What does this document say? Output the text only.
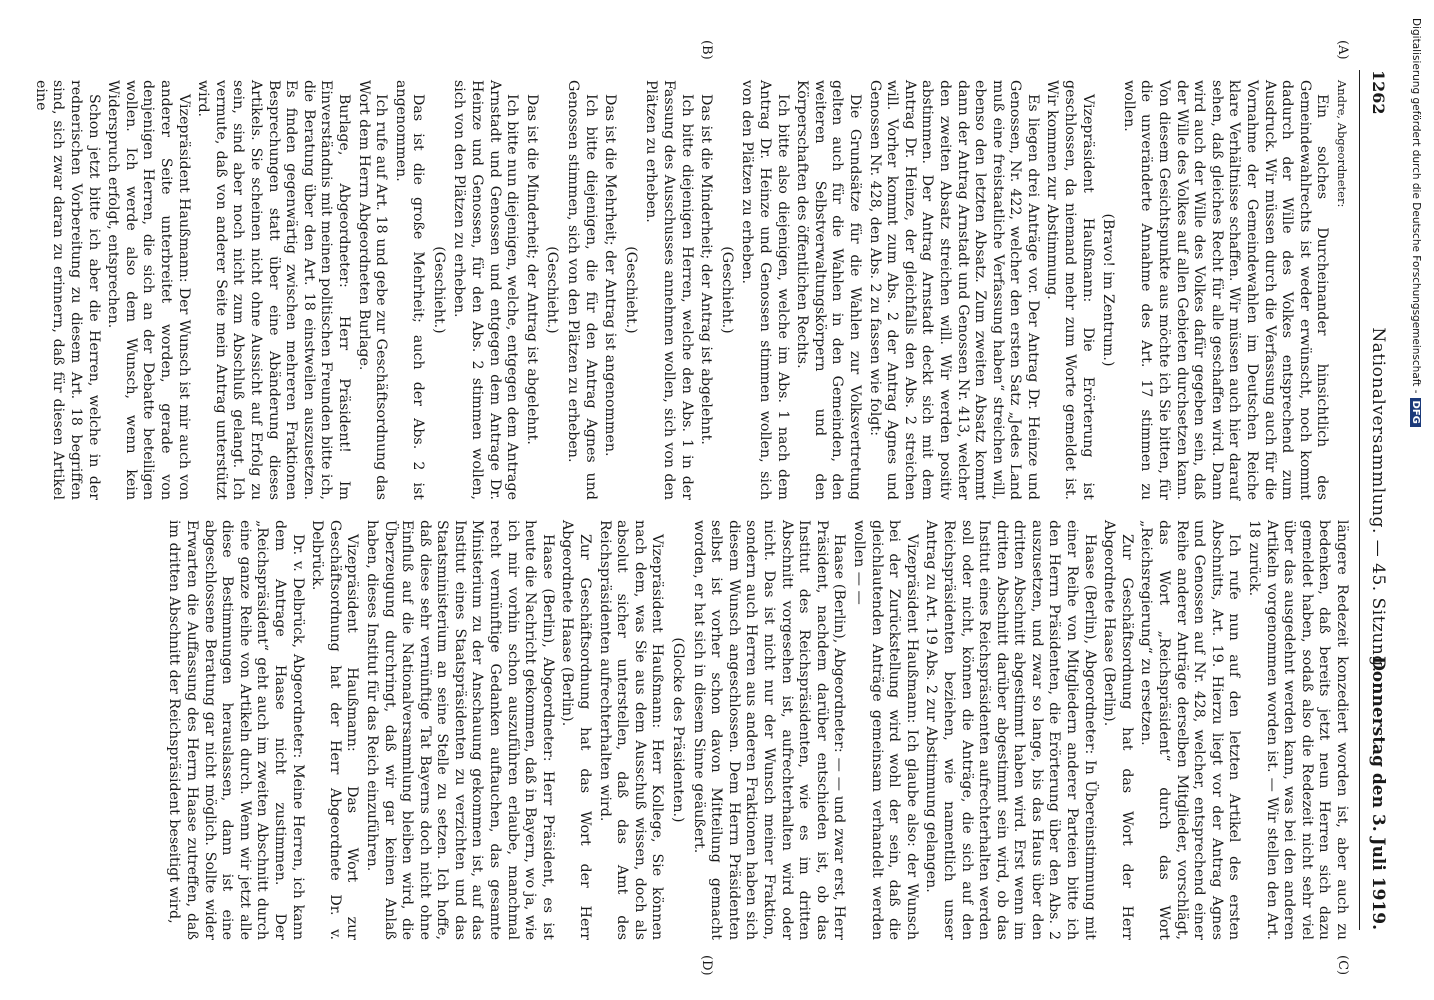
1262
Nationalversammlung. — 45. Sitzung.
Donnerstag den 3. Juli 1919.
(A)
(B)
(C)
(D)

Andre, Abgeordneter:

Ein solches Durcheinander hinsichtlich des Gemeindewahlrechts ist weder erwünscht, noch kommt dadurch der Wille des Volkes entsprechend zum Ausdruck. Wir müssen durch die Verfassung auch für die Vornahme der Gemeindewahlen im Deutschen Reiche klare Verhältnisse schaffen. Wir müssen auch hier darauf sehen, daß gleiches Recht für alle geschaffen wird. Dann wird auch der Wille des Volkes dafür gegeben sein, daß der Wille des Volkes auf allen Gebieten durchsetzen kann. Von diesem Gesichtspunkte aus möchte ich Sie bitten, für die unveränderte Annahme des Art. 17 stimmen zu wollen.

(Bravo! im Zentrum.)

Vizepräsident Haußmann: Die Erörterung ist geschlossen, da niemand mehr zum Worte gemeldet ist. Wir kommen zur Abstimmung.

Es liegen drei Anträge vor. Der Antrag Dr. Heinze und Genossen, Nr. 422, welcher den ersten Satz „Jedes Land muß eine freistaatliche Verfassung haben“ streichen will, ebenso den letzten Absatz. Zum zweiten Absatz kommt dann der Antrag Arnstadt und Genossen Nr. 413, welcher den zweiten Absatz streichen will. Wir werden positiv abstimmen. Der Antrag Arnstadt deckt sich mit dem Antrag Dr. Heinze, der gleichfalls den Abs. 2 streichen will. Vorher kommt zum Abs. 2 der Antrag Agnes und Genossen Nr. 428, den Abs. 2 zu fassen wie folgt:

Die Grundsätze für die Wahlen zur Volksvertretung gelten auch für die Wahlen in den Gemeinden, den weiteren Selbstverwaltungskörpern und den Körperschaften des öffentlichen Rechts.

Ich bitte also diejenigen, welche im Abs. 1 nach dem Antrag Dr. Heinze und Genossen stimmen wollen, sich von den Plätzen zu erheben.

(Geschieht.)

Das ist die Minderheit; der Antrag ist abgelehnt.

Ich bitte diejenigen Herren, welche den Abs. 1 in der Fassung des Ausschusses annehmen wollen, sich von den Plätzen zu erheben.

(Geschieht.)

Das ist die Mehrheit; der Antrag ist angenommen.

Ich bitte diejenigen, die für den Antrag Agnes und Genossen stimmen, sich von den Plätzen zu erheben.

(Geschieht.)

Das ist die Minderheit; der Antrag ist abgelehnt.

Ich bitte nun diejenigen, welche, entgegen dem Antrage Arnstadt und Genossen und entgegen dem Antrage Dr. Heinze und Genossen, für den Abs. 2 stimmen wollen, sich von den Plätzen zu erheben.

(Geschieht.)

Das ist die große Mehrheit; auch der Abs. 2 ist angenommen.

Ich rufe auf Art. 18 und gebe zur Geschäftsordnung das Wort dem Herrn Abgeordneten Burlage.

Burlage, Abgeordneter: Herr Präsident! Im Einverständnis mit meinen politischen Freunden bitte ich, die Beratung über den Art. 18 einstweilen auszusetzen. Es finden gegenwärtig zwischen mehreren Fraktionen Besprechungen statt über eine Abänderung dieses Artikels. Sie scheinen nicht ohne Aussicht auf Erfolg zu sein, sind aber noch nicht zum Abschluß gelangt. Ich vermute, daß von anderer Seite mein Antrag unterstützt wird.

Vizepräsident Haußmann: Der Wunsch ist mir auch von anderer Seite unterbreitet worden, gerade von denjenigen Herren, die sich an der Debatte beteiligen wollen. Ich werde also dem Wunsch, wenn kein Widerspruch erfolgt, entsprechen.

Schon jetzt bitte ich aber die Herren, welche in der rednerischen Vorbereitung zu diesem Art. 18 begriffen sind, sich zwar daran zu erinnern, daß für diesen Artikel eine

längere Redezeit konzediert worden ist, aber auch zu bedenken, daß bereits jetzt neun Herren sich dazu gemeldet haben, sodaß also die Redezeit nicht sehr viel über das ausgedehnt werden kann, was bei den anderen Artikeln vorgenommen worden ist. — Wir stellen den Art. 18 zurück.

Ich rufe nun auf den letzten Artikel des ersten Abschnitts, Art. 19. Hierzu liegt vor der Antrag Agnes und Genossen auf Nr. 428, welcher, entsprechend einer Reihe anderer Anträge derselben Mitglieder, vorschlägt, das Wort „Reichspräsident“ durch das Wort „Reichsregierung“ zu ersetzen.

Zur Geschäftsordnung hat das Wort der Herr Abgeordnete Haase (Berlin).

Haase (Berlin), Abgeordneter: In Übereinstimmung mit einer Reihe von Mitgliedern anderer Parteien bitte ich den Herrn Präsidenten, die Erörterung über den Abs. 2 auszusetzen, und zwar so lange, bis das Haus über den dritten Abschnitt abgestimmt haben wird. Erst wenn im dritten Abschnitt darüber abgestimmt sein wird, ob das Institut eines Reichspräsidenten aufrechterhalten werden soll oder nicht, können die Anträge, die sich auf den Reichspräsidenten beziehen, wie namentlich unser Antrag zu Art. 19 Abs. 2 zur Abstimmung gelangen.

Vizepräsident Haußmann: Ich glaube also: der Wunsch bei der Zurückstellung wird wohl der sein, daß die gleichlautenden Anträge gemeinsam verhandelt werden wollen — —

Haase (Berlin), Abgeordneter: — — und zwar erst, Herr Präsident, nachdem darüber entschieden ist, ob das Institut des Reichspräsidenten, wie es im dritten Abschnitt vorgesehen ist, aufrechterhalten wird oder nicht. Das ist nicht nur der Wunsch meiner Fraktion, sondern auch Herren aus anderen Fraktionen haben sich diesem Wunsch angeschlossen. Dem Herrn Präsidenten selbst ist vorher schon davon Mitteilung gemacht worden, er hat sich in diesem Sinne geäußert.

(Glocke des Präsidenten.)

Vizepräsident Haußmann: Herr Kollege, Sie können nach dem, was Sie aus dem Ausschuß wissen, doch als absolut sicher unterstellen, daß das Amt des Reichspräsidenten aufrechterhalten wird.

Zur Geschäftsordnung hat das Wort der Herr Abgeordnete Haase (Berlin).

Haase (Berlin), Abgeordneter: Herr Präsident, es ist heute die Nachricht gekommen, daß in Bayern, wo ja, wie ich mir vorhin schon auszuführen erlaube, manchmal recht vernünftige Gedanken auftauchen, das gesamte Ministerium zu der Anschauung gekommen ist, auf das Institut eines Staatspräsidenten zu verzichten und das Staatsministerium an seine Stelle zu setzen. Ich hoffe, daß diese sehr vernünftige Tat Bayerns doch nicht ohne Einfluß auf die Nationalversammlung bleiben wird, die Überzeugung durchringt, daß wir gar keinen Anlaß haben, dieses Institut für das Reich einzuführen.

Vizepräsident Haußmann: Das Wort zur Geschäftsordnung hat der Herr Abgeordnete Dr. v. Delbrück.

Dr. v. Delbrück, Abgeordneter: Meine Herren, ich kann dem Antrage Haase nicht zustimmen. Der „Reichspräsident“ geht auch im zweiten Abschnitt durch eine ganze Reihe von Artikeln durch. Wenn wir jetzt alle diese Bestimmungen herauslassen, dann ist eine abgeschlossene Beratung gar nicht möglich. Sollte wider Erwarten die Auffassung des Herrn Haase zutreffen, daß im dritten Abschnitt der Reichspräsident beseitigt wird,

Digitalisierung gefördert durch die Deutsche Forschungsgemeinschaft -DFG
